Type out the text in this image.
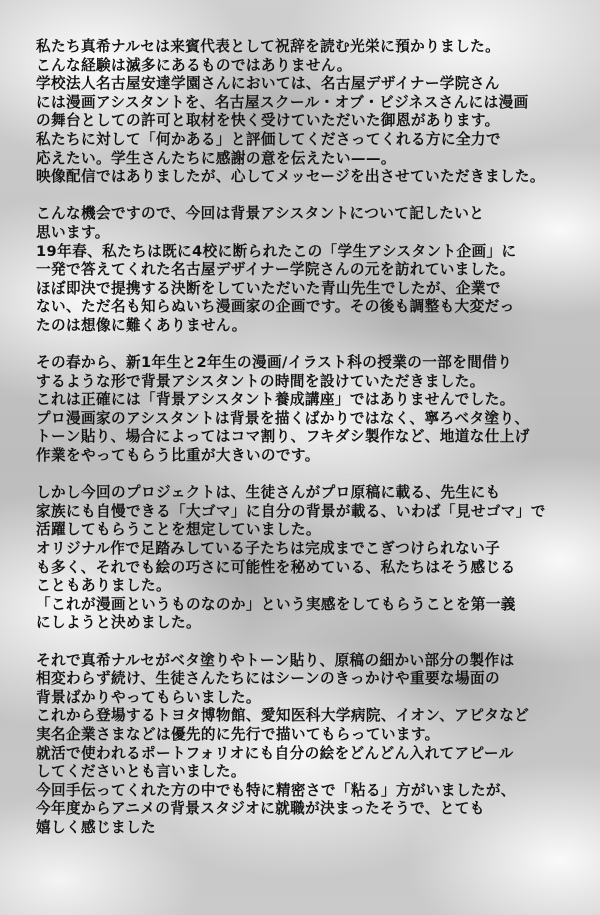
私たち真希ナルセは来賓代表として祝辞を読む光栄に預かりました。
こんな経験は滅多にあるものではありません。
学校法人名古屋安達学園さんにおいては、名古屋デザイナー学院さん
には漫画アシスタントを、名古屋スクール・オブ・ビジネスさんには漫画
の舞台としての許可と取材を快く受けていただいた御恩があります。
私たちに対して「何かある」と評価してくださってくれる方に全力で
応えたい。学生さんたちに感謝の意を伝えたい——。
映像配信ではありましたが、心してメッセージを出させていただきました。
こんな機会ですので、今回は背景アシスタントについて記したいと
思います。
19年春、私たちは既に4校に断られたこの「学生アシスタント企画」に
一発で答えてくれた名古屋デザイナー学院さんの元を訪れていました。
ほぼ即決で提携する決断をしていただいた青山先生でしたが、企業で
ない、ただ名も知らぬいち漫画家の企画です。その後も調整も大変だっ
たのは想像に難くありません。
その春から、新1年生と2年生の漫画/イラスト科の授業の一部を間借り
するような形で背景アシスタントの時間を設けていただきました。
これは正確には「背景アシスタント養成講座」ではありませんでした。
プロ漫画家のアシスタントは背景を描くばかりではなく、寧ろベタ塗り、
トーン貼り、場合によってはコマ割り、フキダシ製作など、地道な仕上げ
作業をやってもらう比重が大きいのです。
しかし今回のプロジェクトは、生徒さんがプロ原稿に載る、先生にも
家族にも自慢できる「大ゴマ」に自分の背景が載る、いわば「見せゴマ」で
活躍してもらうことを想定していました。
オリジナル作で足踏みしている子たちは完成までこぎつけられない子
も多く、それでも絵の巧さに可能性を秘めている、私たちはそう感じる
こともありました。
「これが漫画というものなのか」という実感をしてもらうことを第一義
にしようと決めました。
それで真希ナルセがベタ塗りやトーン貼り、原稿の細かい部分の製作は
相変わらず続け、生徒さんたちにはシーンのきっかけや重要な場面の
背景ばかりやってもらいました。
これから登場するトヨタ博物館、愛知医科大学病院、イオン、アピタなど
実名企業さまなどは優先的に先行で描いてもらっています。
就活で使われるポートフォリオにも自分の絵をどんどん入れてアピール
してくださいとも言いました。
今回手伝ってくれた方の中でも特に精密さで「粘る」方がいましたが、
今年度からアニメの背景スタジオに就職が決まったそうで、とても
嬉しく感じました
